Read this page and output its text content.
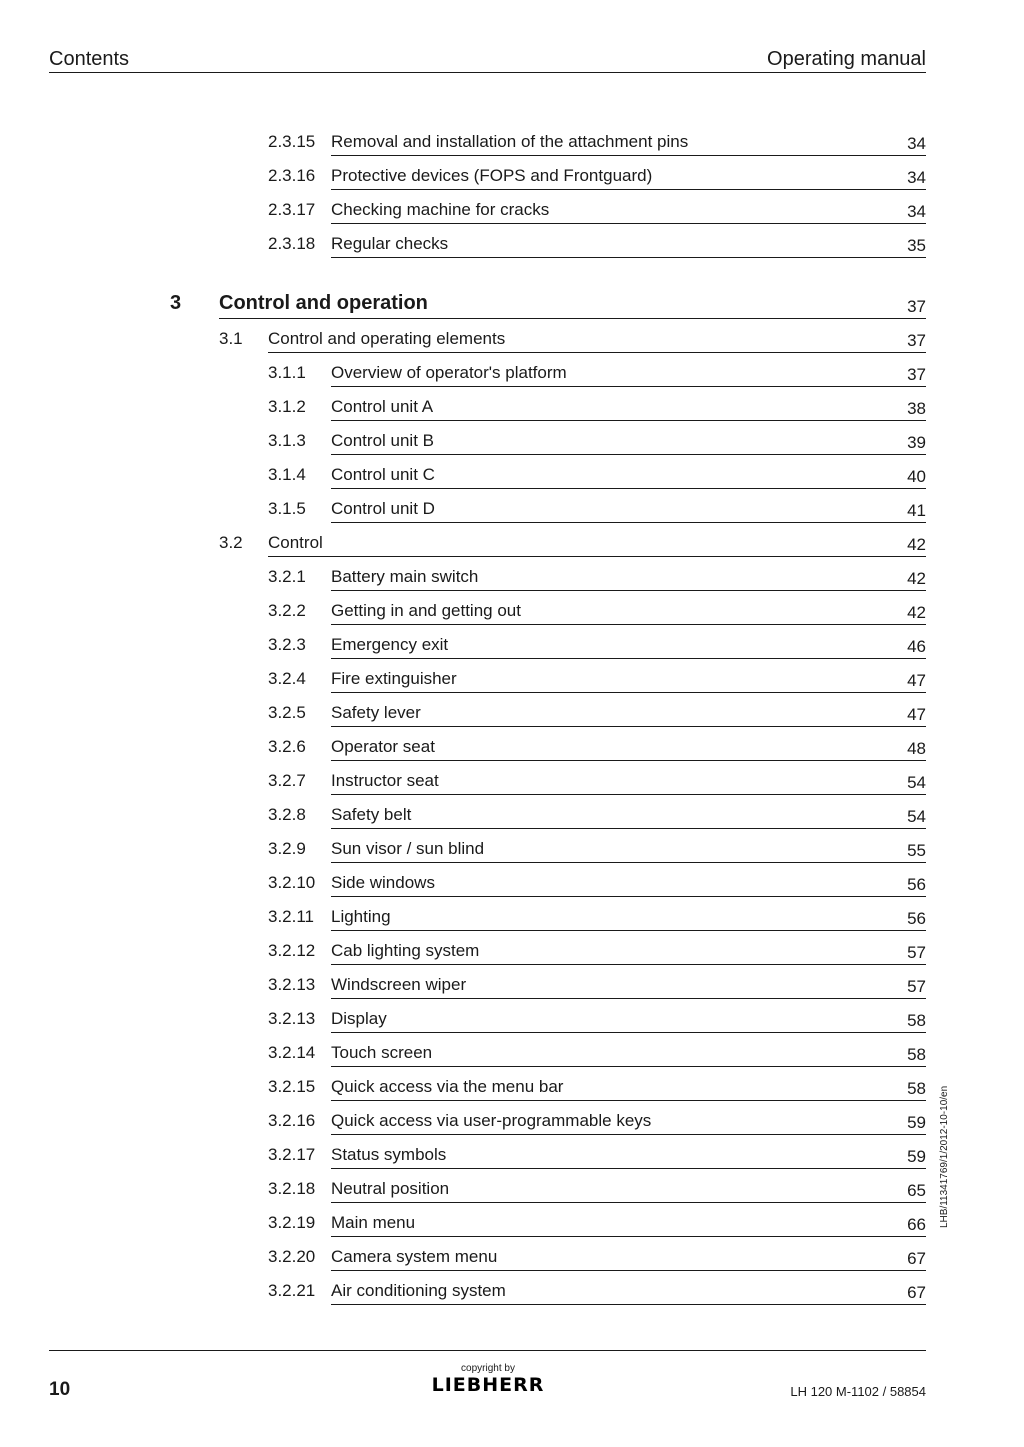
Contents	Operating manual
2.3.15 Removal and installation of the attachment pins	34
2.3.16 Protective devices (FOPS and Frontguard)	34
2.3.17 Checking machine for cracks	34
2.3.18 Regular checks	35
3 Control and operation	37
3.1 Control and operating elements	37
3.1.1 Overview of operator's platform	37
3.1.2 Control unit A	38
3.1.3 Control unit B	39
3.1.4 Control unit C	40
3.1.5 Control unit D	41
3.2 Control	42
3.2.1 Battery main switch	42
3.2.2 Getting in and getting out	42
3.2.3 Emergency exit	46
3.2.4 Fire extinguisher	47
3.2.5 Safety lever	47
3.2.6 Operator seat	48
3.2.7 Instructor seat	54
3.2.8 Safety belt	54
3.2.9 Sun visor / sun blind	55
3.2.10 Side windows	56
3.2.11 Lighting	56
3.2.12 Cab lighting system	57
3.2.13 Windscreen wiper	57
3.2.13 Display	58
3.2.14 Touch screen	58
3.2.15 Quick access via the menu bar	58
3.2.16 Quick access via user-programmable keys	59
3.2.17 Status symbols	59
3.2.18 Neutral position	65
3.2.19 Main menu	66
3.2.20 Camera system menu	67
3.2.21 Air conditioning system	67
LHB/11341769/1/2012-10-10/en
10
copyright by
LIEBHERR	LH 120 M-1102 / 58854
